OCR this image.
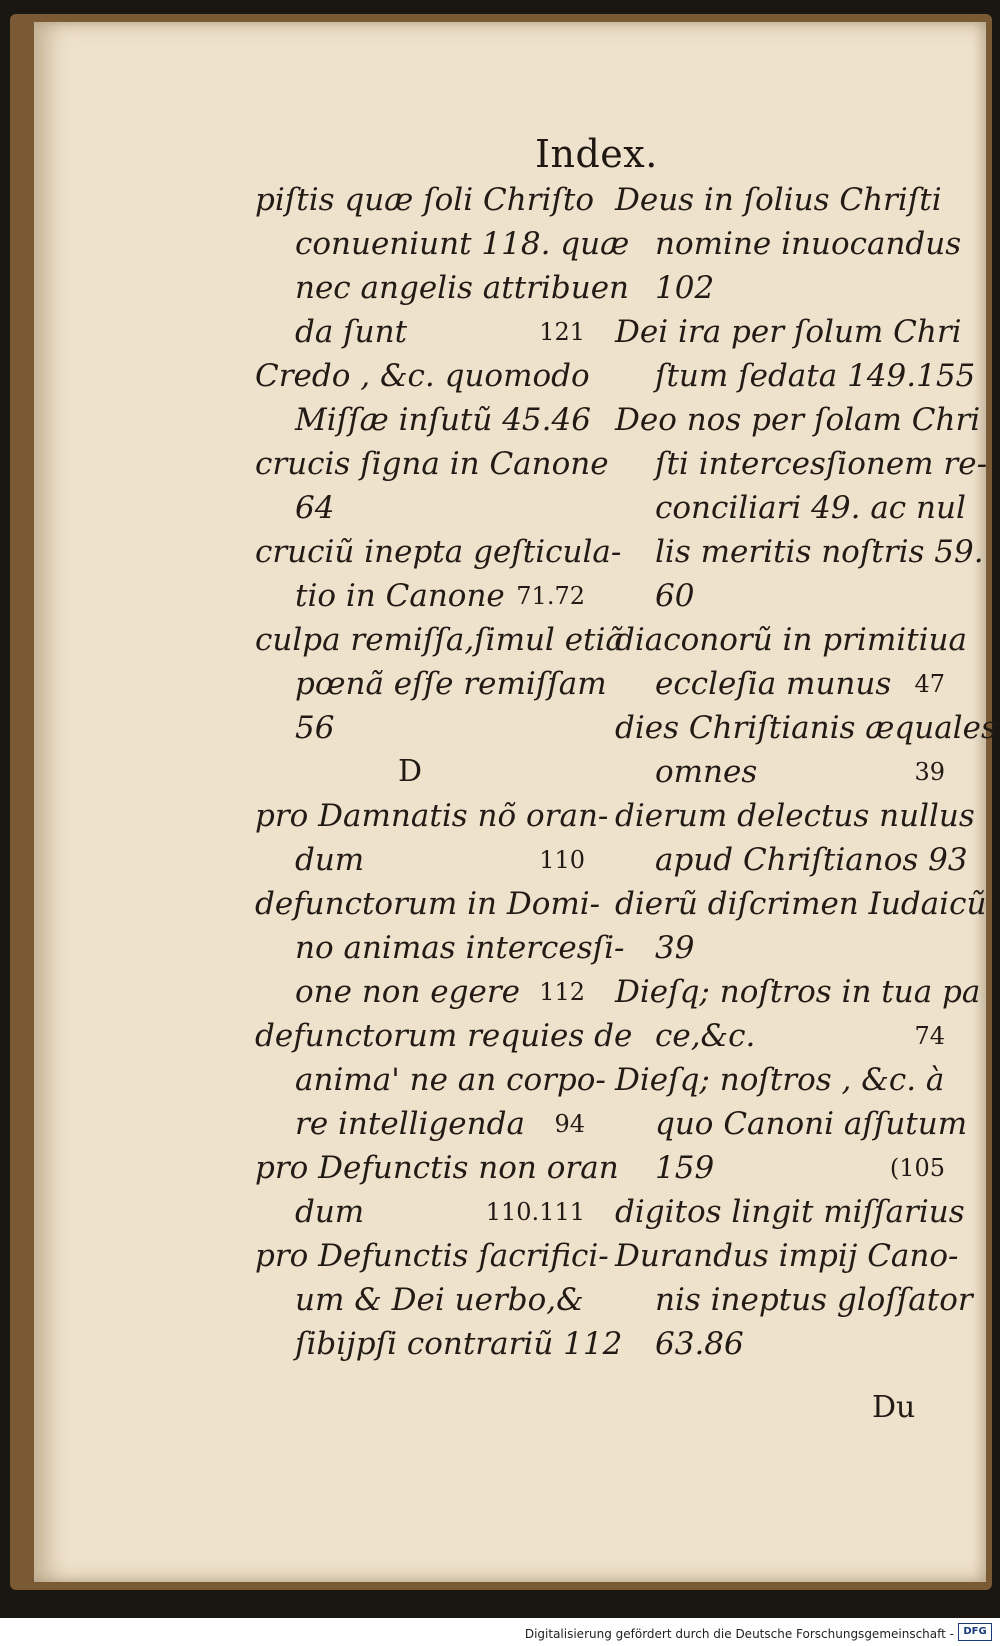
Index.
piſtis quæ ſoli Chriſto
conueniunt 118. quæ
nec angelis attribuen
da ſunt	121
Credo , &c. quomodo
Miſſæ inſutũ 45.46
crucis ſigna in Canone
64
cruciũ inepta geſticula-
tio in Canone 71.72
culpa remiſſa,ſimul etiã
pœnã eſſe remiſſam
56
D
pro Damnatis nõ oran-
dum	110
defunctorum in Domi-
no animas intercesſi-
one non egere 112
defunctorum requies de
anima' ne an corpo-
re intelligenda 94
pro Defunctis non oran
dum	110.111
pro Defunctis ſacrifici-
um & Dei uerbo,&
ſibijpſi contrariũ 112
Deus in ſolius Chriſti
nomine inuocandus
102
Dei ira per ſolum Chri
ſtum ſedata 149.155
Deo nos per ſolam Chri
ſti intercesſionem re-
conciliari 49. ac nul
lis meritis noſtris 59.
60
diaconorũ in primitiua
eccleſia munus 47
dies Chriſtianis æquales
omnes	39
dierum delectus nullus
apud Chriſtianos 93
dierũ diſcrimen Iudaicũ
39
Dieſq; noſtros in tua pa
ce,&c.	74
Dieſq; noſtros , &c. à
quo Canoni aſſutum
159	(105
digitos lingit miſſarius
Durandus impij Cano-
nis ineptus gloſſator
63.86
Du
Digitalisierung gefördert durch die Deutsche Forschungsgemeinschaft - DFG
